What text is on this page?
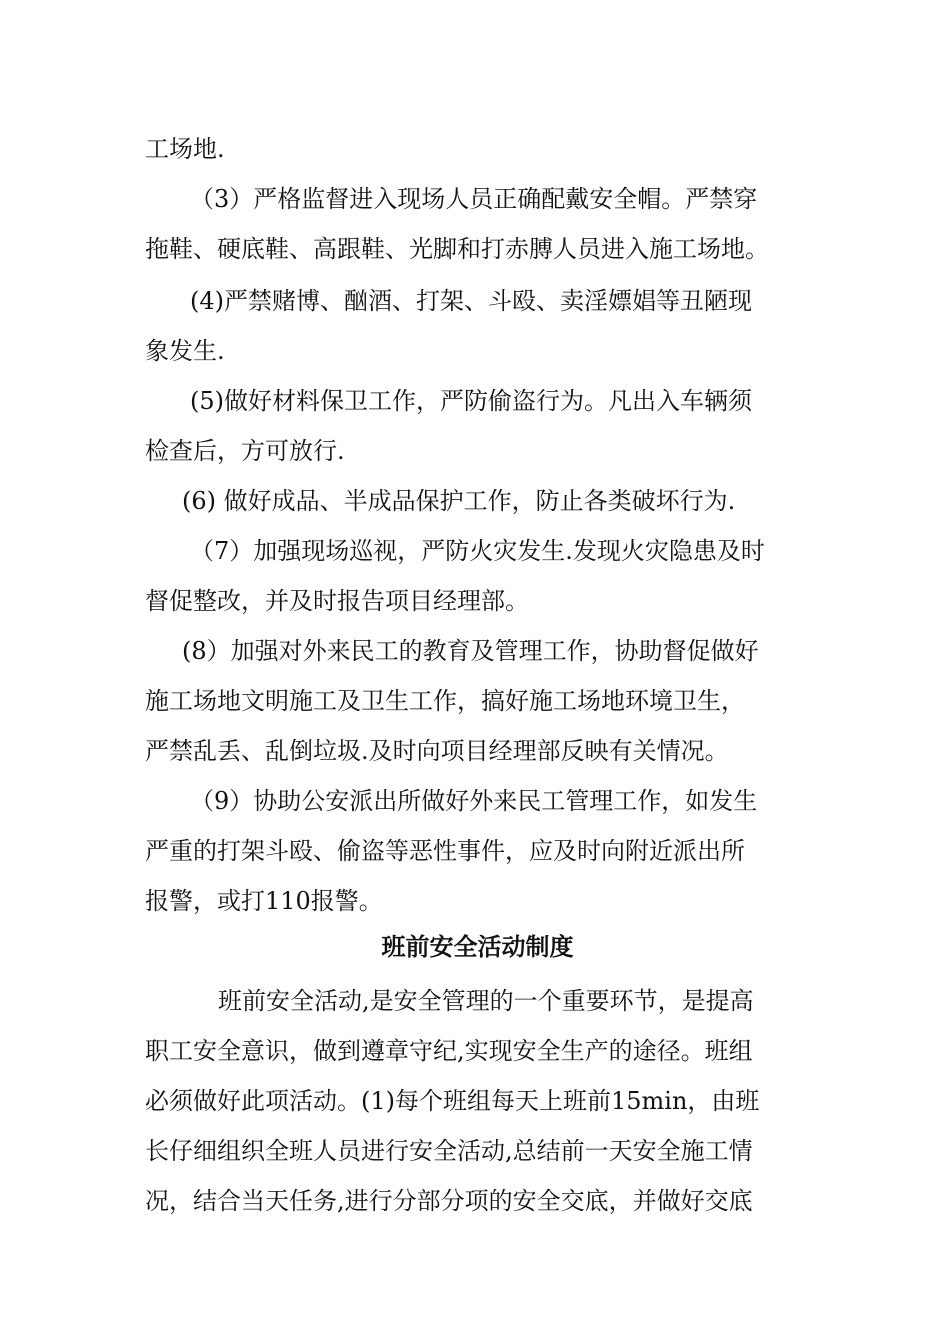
工场地.
（3）严格监督进入现场人员正确配戴安全帽。严禁穿
拖鞋、硬底鞋、高跟鞋、光脚和打赤膊人员进入施工场地。
(4)严禁赌博、酗酒、打架、斗殴、卖淫嫖娼等丑陋现
象发生.
(5)做好材料保卫工作，严防偷盗行为。凡出入车辆须
检查后，方可放行.
(6) 做好成品、半成品保护工作，防止各类破坏行为.
（7）加强现场巡视，严防火灾发生.发现火灾隐患及时
督促整改，并及时报告项目经理部。
(8）加强对外来民工的教育及管理工作，协助督促做好
施工场地文明施工及卫生工作，搞好施工场地环境卫生，
严禁乱丢、乱倒垃圾.及时向项目经理部反映有关情况。
（9）协助公安派出所做好外来民工管理工作，如发生
严重的打架斗殴、偷盗等恶性事件，应及时向附近派出所
报警，或打110报警。
班前安全活动制度
班前安全活动,是安全管理的一个重要环节，是提高
职工安全意识，做到遵章守纪,实现安全生产的途径。班组
必须做好此项活动。(1)每个班组每天上班前15min，由班
长仔细组织全班人员进行安全活动,总结前一天安全施工情
况，结合当天任务,进行分部分项的安全交底，并做好交底
